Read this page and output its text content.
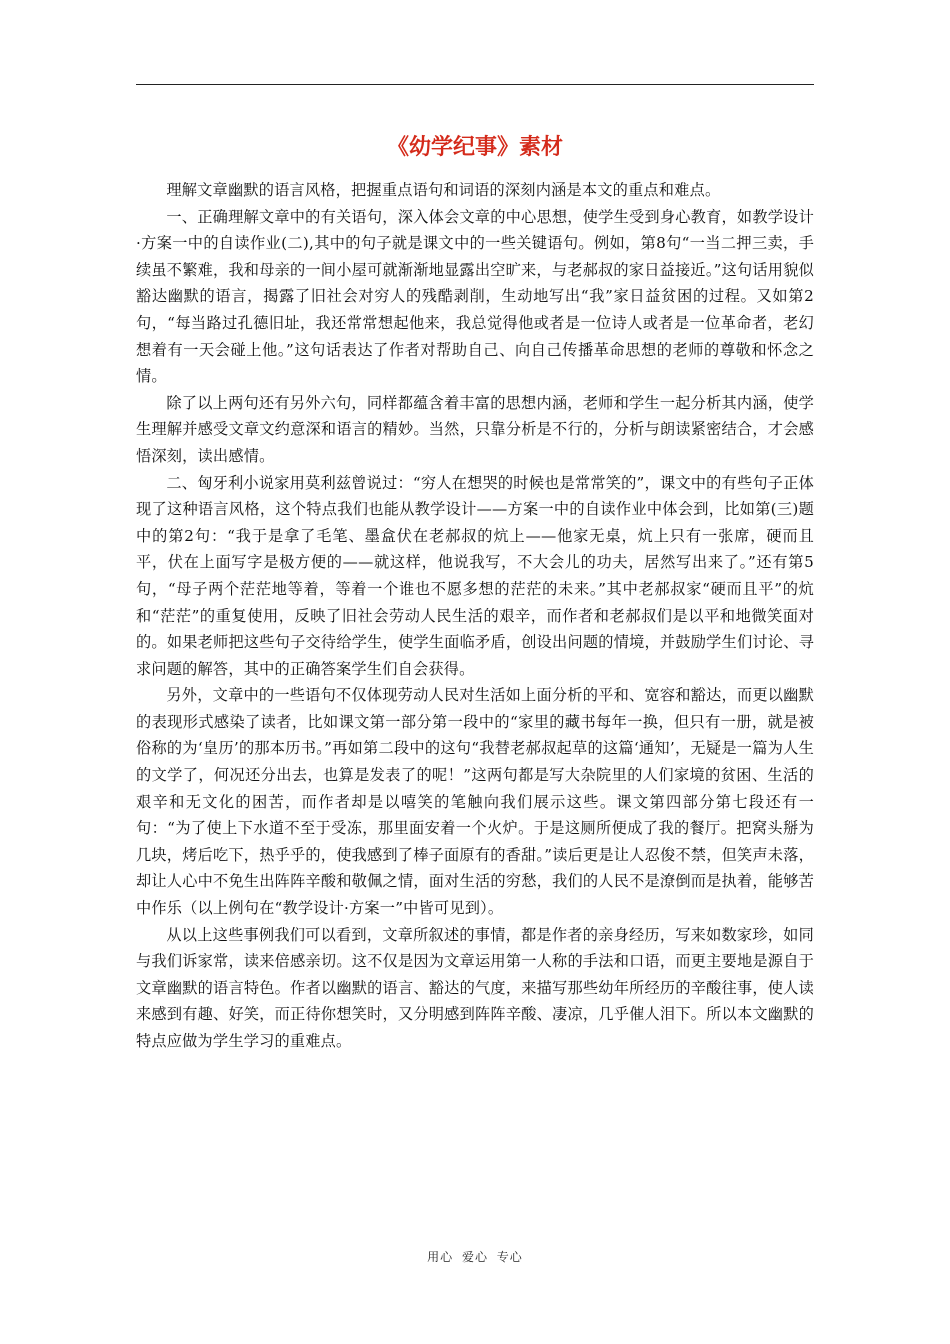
《幼学纪事》素材

理解文章幽默的语言风格，把握重点语句和词语的深刻内涵是本文的重点和难点。

一、正确理解文章中的有关语句，深入体会文章的中心思想，使学生受到身心教育，如教学设计·方案一中的自读作业(二),其中的句子就是课文中的一些关键语句。例如，第8句“一当二押三卖，手续虽不繁难，我和母亲的一间小屋可就渐渐地显露出空旷来，与老郝叔的家日益接近。”这句话用貌似豁达幽默的语言，揭露了旧社会对穷人的残酷剥削，生动地写出“我”家日益贫困的过程。又如第2句，“每当路过孔德旧址，我还常常想起他来，我总觉得他或者是一位诗人或者是一位革命者，老幻想着有一天会碰上他。”这句话表达了作者对帮助自己、向自己传播革命思想的老师的尊敬和怀念之情。

除了以上两句还有另外六句，同样都蕴含着丰富的思想内涵，老师和学生一起分析其内涵，使学生理解并感受文章文约意深和语言的精妙。当然，只靠分析是不行的，分析与朗读紧密结合，才会感悟深刻，读出感情。

二、匈牙利小说家用莫利兹曾说过：“穷人在想哭的时候也是常常笑的”，课文中的有些句子正体现了这种语言风格，这个特点我们也能从教学设计——方案一中的自读作业中体会到，比如第(三)题中的第2句：“我于是拿了毛笔、墨盒伏在老郝叔的炕上——他家无桌，炕上只有一张席，硬而且平，伏在上面写字是极方便的——就这样，他说我写，不大会儿的功夫，居然写出来了。”还有第5句，“母子两个茫茫地等着，等着一个谁也不愿多想的茫茫的未来。”其中老郝叔家“硬而且平”的炕和“茫茫”的重复使用，反映了旧社会劳动人民生活的艰辛，而作者和老郝叔们是以平和地微笑面对的。如果老师把这些句子交待给学生，使学生面临矛盾，创设出问题的情境，并鼓励学生们讨论、寻求问题的解答，其中的正确答案学生们自会获得。

另外，文章中的一些语句不仅体现劳动人民对生活如上面分析的平和、宽容和豁达，而更以幽默的表现形式感染了读者，比如课文第一部分第一段中的“家里的藏书每年一换，但只有一册，就是被俗称的为‘皇历’的那本历书。”再如第二段中的这句“我替老郝叔起草的这篇‘通知’，无疑是一篇为人生的文学了，何况还分出去，也算是发表了的呢！”这两句都是写大杂院里的人们家境的贫困、生活的艰辛和无文化的困苦，而作者却是以嘻笑的笔触向我们展示这些。课文第四部分第七段还有一句：“为了使上下水道不至于受冻，那里面安着一个火炉。于是这厕所便成了我的餐厅。把窝头掰为几块，烤后吃下，热乎乎的，使我感到了棒子面原有的香甜。”读后更是让人忍俊不禁，但笑声未落，却让人心中不免生出阵阵辛酸和敬佩之情，面对生活的穷愁，我们的人民不是潦倒而是执着，能够苦中作乐（以上例句在“教学设计·方案一”中皆可见到）。

从以上这些事例我们可以看到，文章所叙述的事情，都是作者的亲身经历，写来如数家珍，如同与我们诉家常，读来倍感亲切。这不仅是因为文章运用第一人称的手法和口语，而更主要地是源自于文章幽默的语言特色。作者以幽默的语言、豁达的气度，来描写那些幼年所经历的辛酸往事，使人读来感到有趣、好笑，而正待你想笑时，又分明感到阵阵辛酸、凄凉，几乎催人泪下。所以本文幽默的特点应做为学生学习的重难点。

用心 爱心 专心
